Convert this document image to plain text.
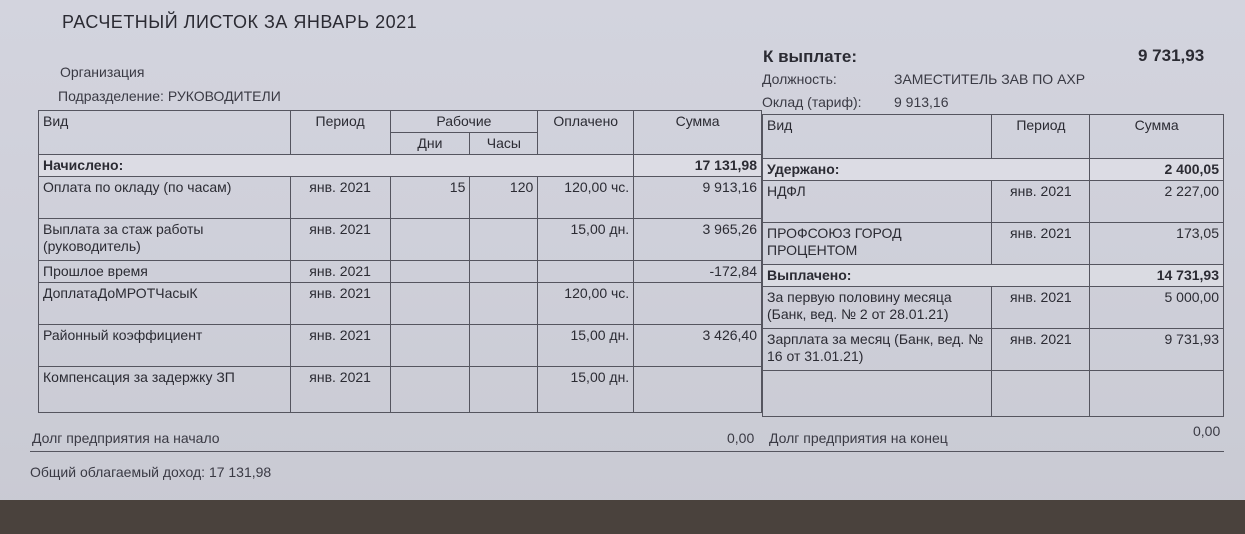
РАСЧЕТНЫЙ ЛИСТОК ЗА ЯНВАРЬ 2021
Организация
Подразделение: РУКОВОДИТЕЛИ
К выплате:	9 731,93
Должность:	ЗАМЕСТИТЕЛЬ ЗАВ ПО АХР
Оклад (тариф): 9 913,16
Вид	Период	Рабочие		Оплачено	Сумма
		Дни	Часы		
Начислено:					17 131,98
Оплата по окладу (по часам)	янв. 2021	15	120	120,00 чс.	9 913,16
Выплата за стаж работы (руководитель)	янв. 2021			15,00 дн.	3 965,26
Прошлое время	янв. 2021				-172,84
ДоплатаДоМРОТЧасыК	янв. 2021			120,00 чс.	
Районный коэффициент	янв. 2021			15,00 дн.	3 426,40
Компенсация за задержку ЗП	янв. 2021			15,00 дн.	
Вид	Период	Сумма
Удержано:		2 400,05
НДФЛ	янв. 2021	2 227,00
ПРОФСОЮЗ ГОРОД ПРОЦЕНТОМ	янв. 2021	173,05
Выплачено:		14 731,93
За первую половину месяца (Банк, вед. № 2 от 28.01.21)	янв. 2021	5 000,00
Зарплата за месяц (Банк, вед. № 16 от 31.01.21)	янв. 2021	9 731,93

Долг предприятия на начало	0,00 Долг предприятия на конец	0,00
Общий облагаемый доход: 17 131,98
